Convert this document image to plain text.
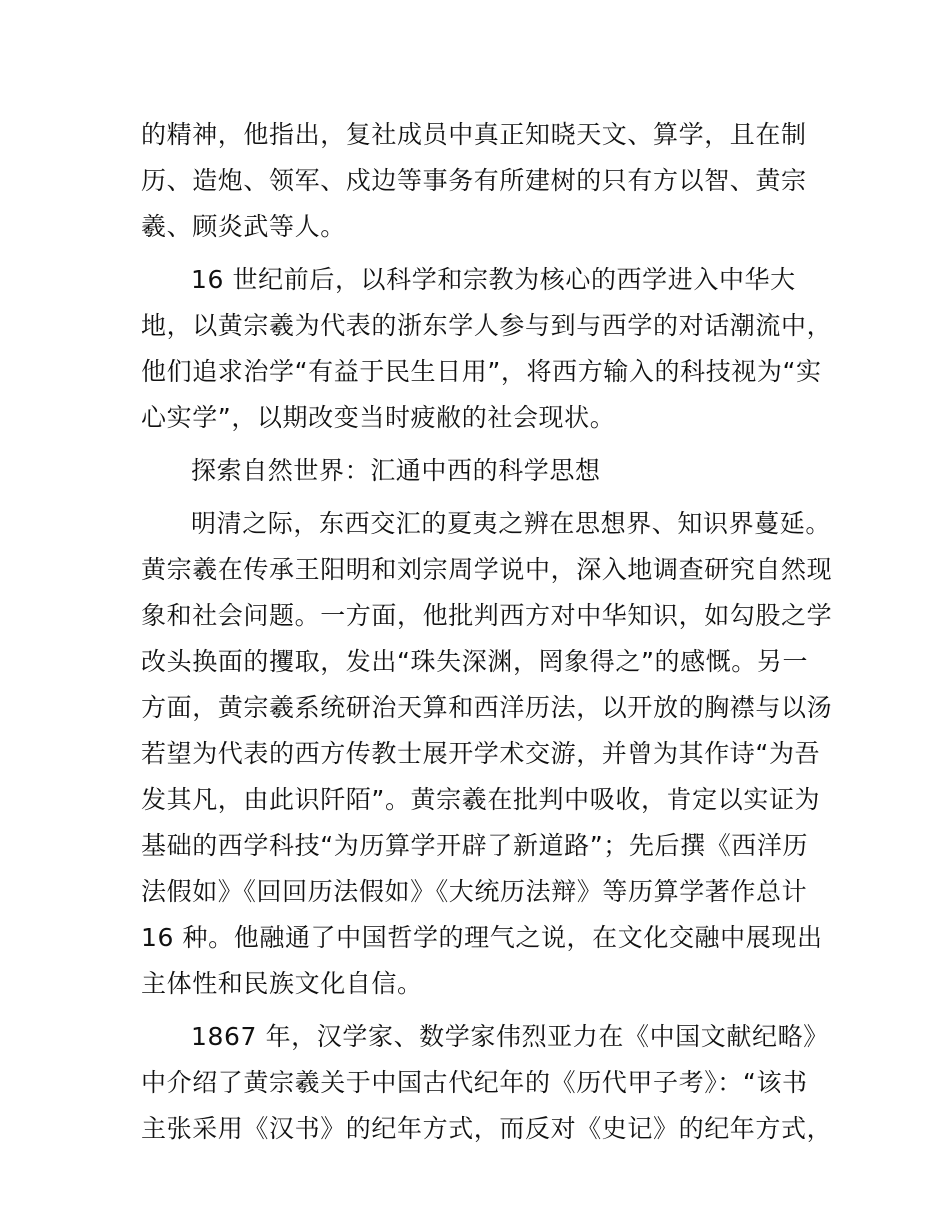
的精神，他指出，复社成员中真正知晓天文、算学，且在制
历、造炮、领军、戍边等事务有所建树的只有方以智、黄宗
羲、顾炎武等人。
16 世纪前后，以科学和宗教为核心的西学进入中华大
地，以黄宗羲为代表的浙东学人参与到与西学的对话潮流中，
他们追求治学“有益于民生日用”，将西方输入的科技视为“实
心实学”，以期改变当时疲敝的社会现状。
探索自然世界：汇通中西的科学思想
明清之际，东西交汇的夏夷之辨在思想界、知识界蔓延。
黄宗羲在传承王阳明和刘宗周学说中，深入地调查研究自然现
象和社会问题。一方面，他批判西方对中华知识，如勾股之学
改头换面的攫取，发出“珠失深渊，罔象得之”的感慨。另一
方面，黄宗羲系统研治天算和西洋历法，以开放的胸襟与以汤
若望为代表的西方传教士展开学术交游，并曾为其作诗“为吾
发其凡，由此识阡陌”。黄宗羲在批判中吸收，肯定以实证为
基础的西学科技“为历算学开辟了新道路”；先后撰《西洋历
法假如》《回回历法假如》《大统历法辩》等历算学著作总计
16 种。他融通了中国哲学的理气之说，在文化交融中展现出
主体性和民族文化自信。
1867 年，汉学家、数学家伟烈亚力在《中国文献纪略》
中介绍了黄宗羲关于中国古代纪年的《历代甲子考》：“该书
主张采用《汉书》的纪年方式，而反对《史记》的纪年方式，
